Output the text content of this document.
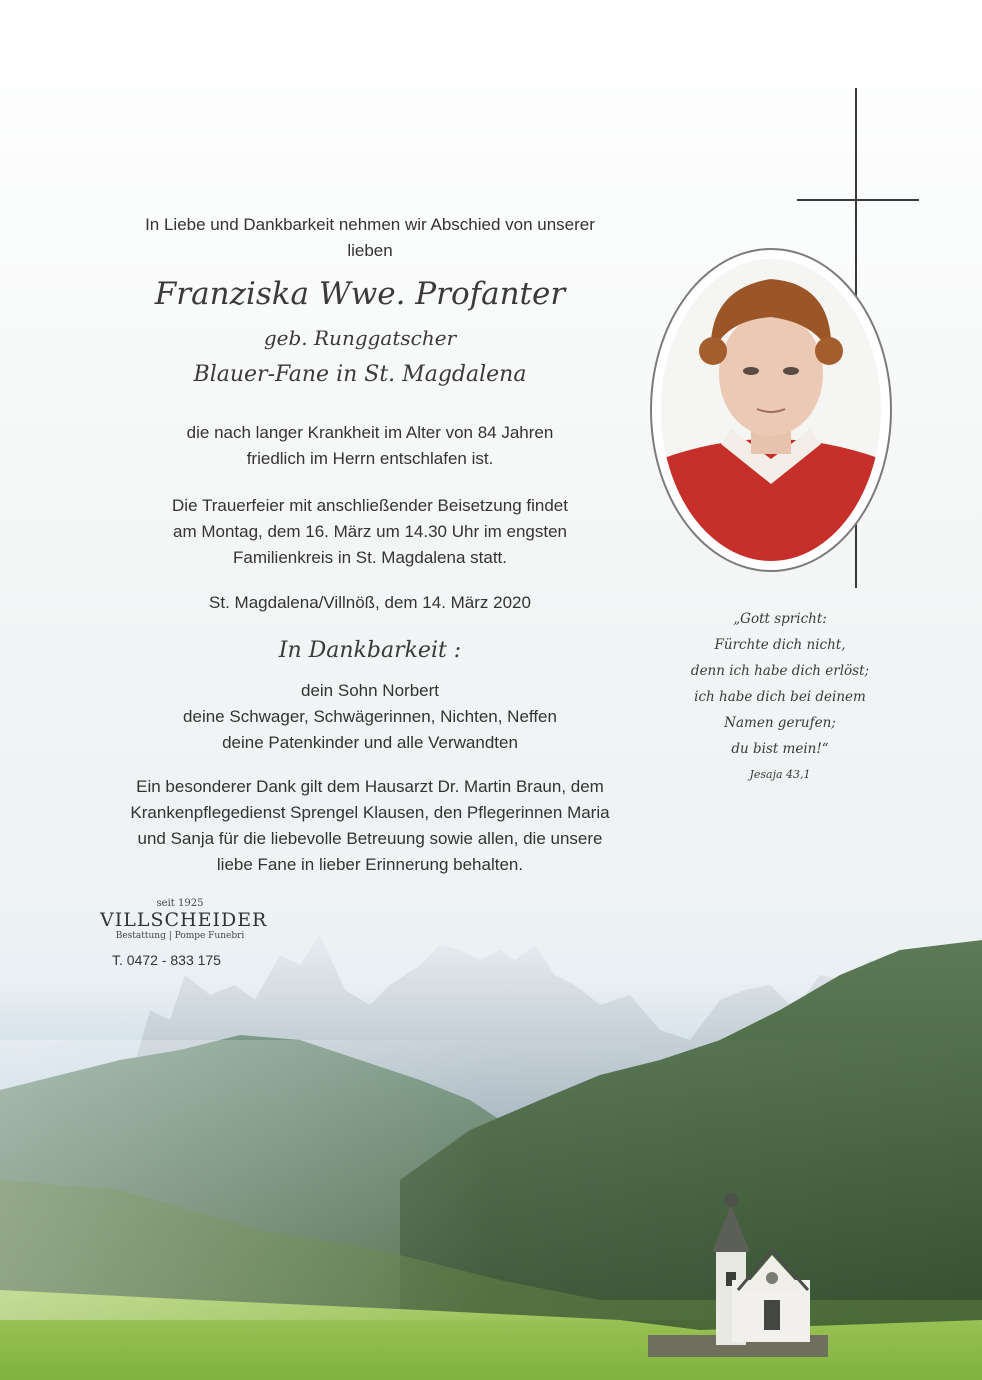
In Liebe und Dankbarkeit nehmen wir Abschied von unserer
lieben
Franziska Wwe. Profanter
geb. Runggatscher
Blauer-Fane in St. Magdalena
die nach langer Krankheit im Alter von 84 Jahren
friedlich im Herrn entschlafen ist.
Die Trauerfeier mit anschließender Beisetzung findet
am Montag, dem 16. März um 14.30 Uhr im engsten
Familienkreis in St. Magdalena statt.
St. Magdalena/Villnöß, dem 14. März 2020
In Dankbarkeit :
dein Sohn Norbert
deine Schwager, Schwägerinnen, Nichten, Neffen
deine Patenkinder und alle Verwandten
Ein besonderer Dank gilt dem Hausarzt Dr. Martin Braun, dem
Krankenpflegedienst Sprengel Klausen, den Pflegerinnen Maria
und Sanja für die liebevolle Betreuung sowie allen, die unsere
liebe Fane in lieber Erinnerung behalten.
„Gott spricht:
Fürchte dich nicht,
denn ich habe dich erlöst;
ich habe dich bei deinem
Namen gerufen;
du bist mein!“
Jesaja 43,1
seit 1925
VILLSCHEIDER
Bestattung | Pompe Funebri
T. 0472 - 833 175
